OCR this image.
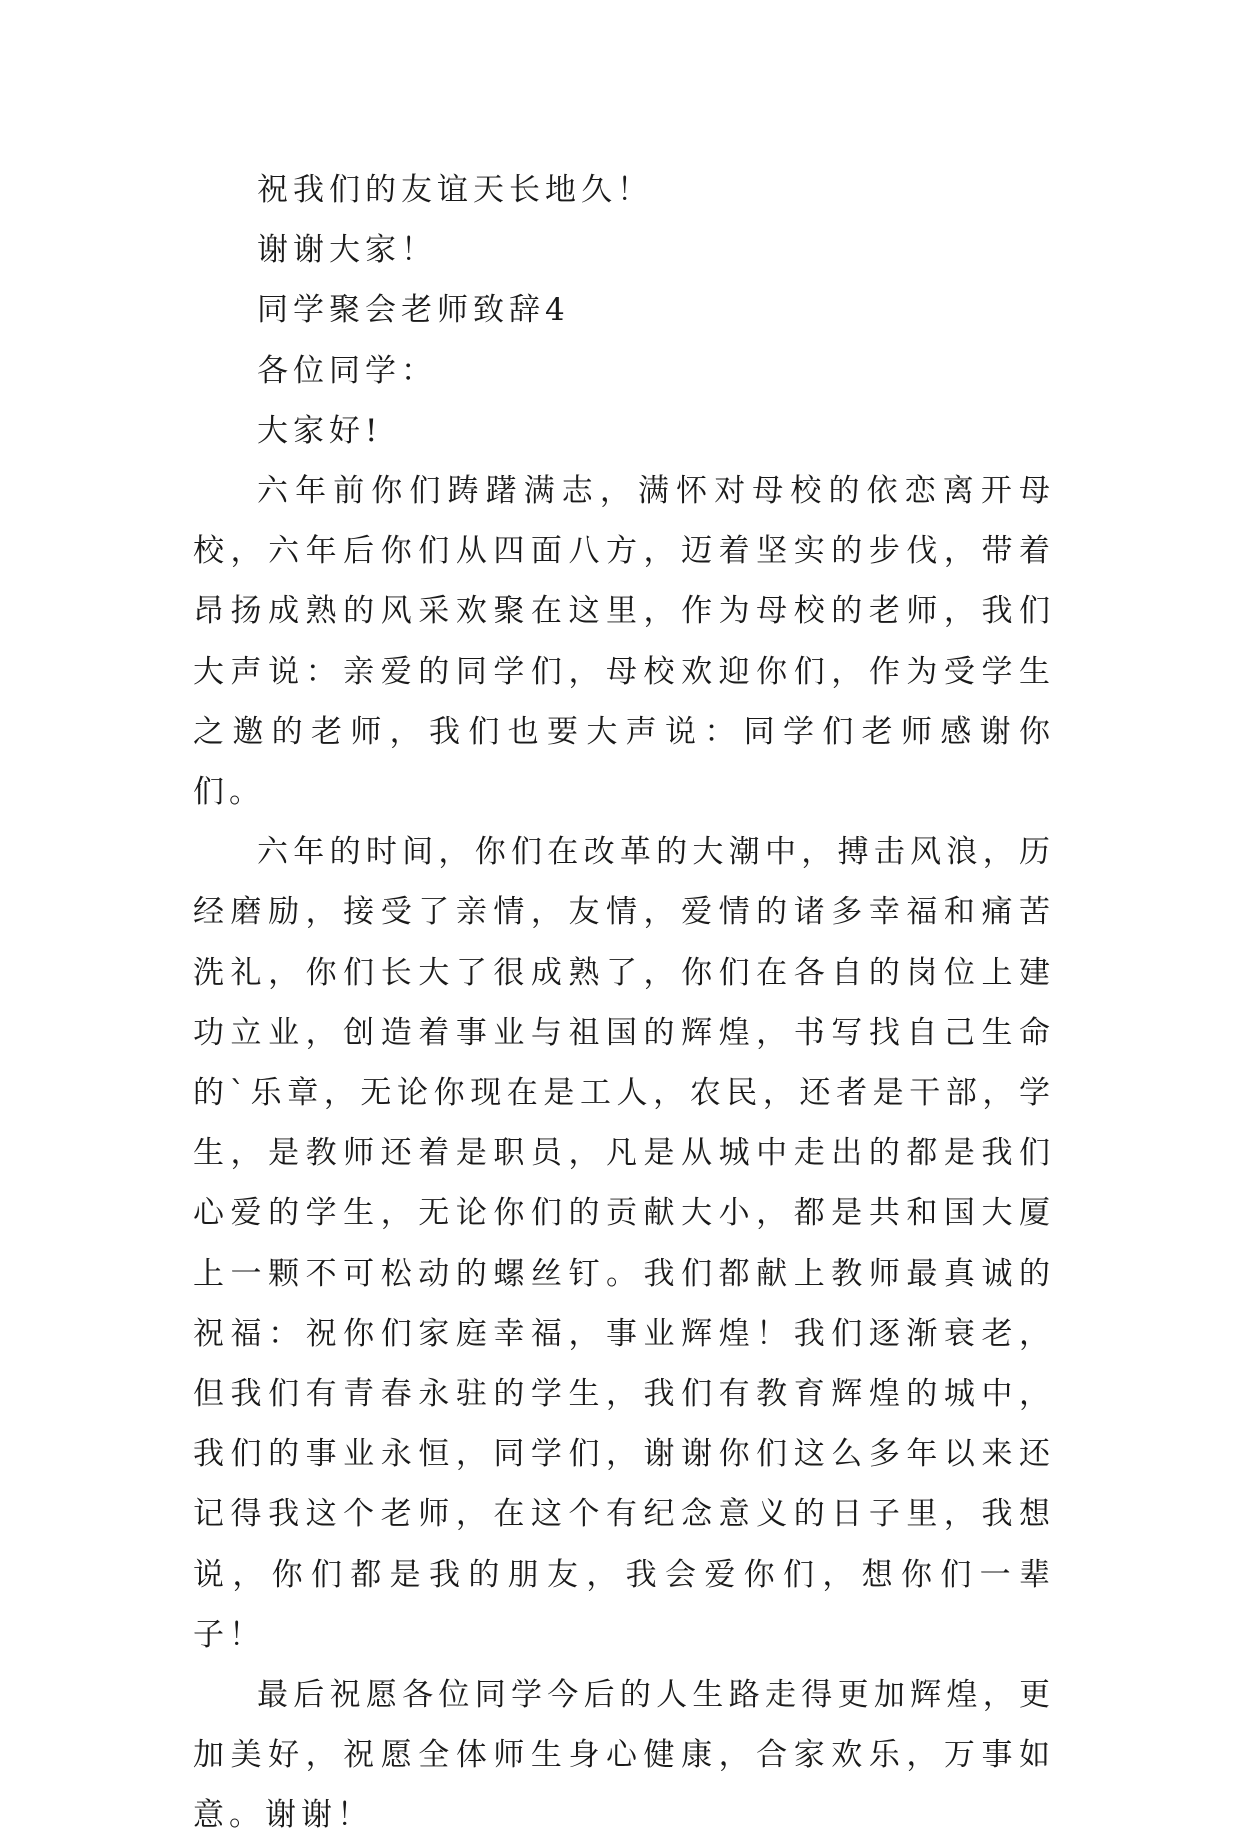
祝我们的友谊天长地久！

谢谢大家！

同学聚会老师致辞4

各位同学：

大家好!

六年前你们踌躇满志，满怀对母校的依恋离开母校，六年后你们从四面八方，迈着坚实的步伐，带着昂扬成熟的风采欢聚在这里，作为母校的老师，我们大声说：亲爱的同学们，母校欢迎你们，作为受学生之邀的老师，我们也要大声说：同学们老师感谢你们。

六年的时间，你们在改革的大潮中，搏击风浪，历经磨励，接受了亲情，友情，爱情的诸多幸福和痛苦洗礼，你们长大了很成熟了，你们在各自的岗位上建功立业，创造着事业与祖国的辉煌，书写找自己生命的`乐章，无论你现在是工人，农民，还者是干部，学生，是教师还着是职员，凡是从城中走出的都是我们心爱的学生，无论你们的贡献大小，都是共和国大厦上一颗不可松动的螺丝钉。我们都献上教师最真诚的祝福：祝你们家庭幸福，事业辉煌！我们逐渐衰老，但我们有青春永驻的学生，我们有教育辉煌的城中，我们的事业永恒，同学们，谢谢你们这么多年以来还记得我这个老师，在这个有纪念意义的日子里，我想说，你们都是我的朋友，我会爱你们，想你们一辈子！

最后祝愿各位同学今后的人生路走得更加辉煌，更加美好，祝愿全体师生身心健康，合家欢乐，万事如意。谢谢！
